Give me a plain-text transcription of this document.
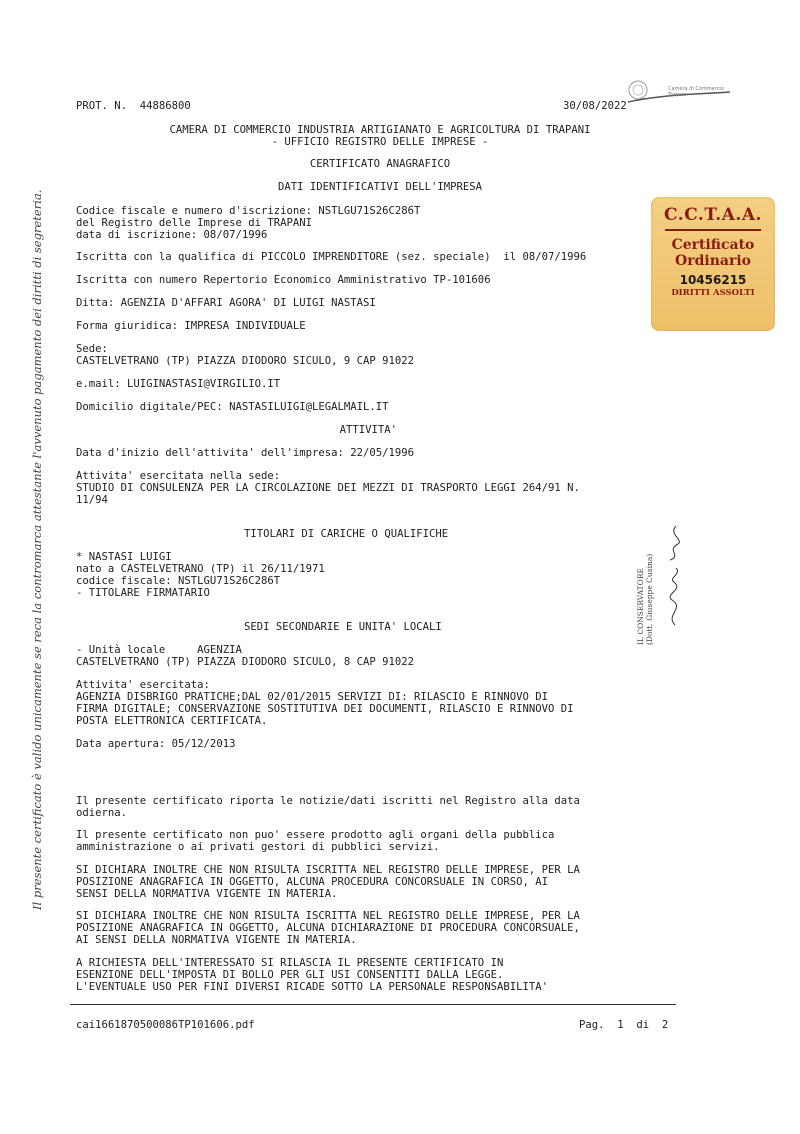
PROT. N.  44886800	30/08/2022
Camera di Commercio
Trapani
CAMERA DI COMMERCIO INDUSTRIA ARTIGIANATO E AGRICOLTURA DI TRAPANI
- UFFICIO REGISTRO DELLE IMPRESE -
CERTIFICATO ANAGRAFICO
DATI IDENTIFICATIVI DELL'IMPRESA
Codice fiscale e numero d'iscrizione: NSTLGU71S26C286T
del Registro delle Imprese di TRAPANI
data di iscrizione: 08/07/1996
Iscritta con la qualifica di PICCOLO IMPRENDITORE (sez. speciale)  il 08/07/1996
Iscritta con numero Repertorio Economico Amministrativo TP-101606
Ditta: AGENZIA D'AFFARI AGORA' DI LUIGI NASTASI
Forma giuridica: IMPRESA INDIVIDUALE
Sede:
CASTELVETRANO (TP) PIAZZA DIODORO SICULO, 9 CAP 91022
e.mail: LUIGINASTASI@VIRGILIO.IT
Domicilio digitale/PEC: NASTASILUIGI@LEGALMAIL.IT
ATTIVITA'
Data d'inizio dell'attivita' dell'impresa: 22/05/1996
Attivita' esercitata nella sede:
STUDIO DI CONSULENZA PER LA CIRCOLAZIONE DEI MEZZI DI TRASPORTO LEGGI 264/91 N.
11/94
TITOLARI DI CARICHE O QUALIFICHE
* NASTASI LUIGI
nato a CASTELVETRANO (TP) il 26/11/1971
codice fiscale: NSTLGU71S26C286T
- TITOLARE FIRMATARIO
SEDI SECONDARIE E UNITA' LOCALI
- Unità locale     AGENZIA
CASTELVETRANO (TP) PIAZZA DIODORO SICULO, 8 CAP 91022
Attivita' esercitata:
AGENZIA DISBRIGO PRATICHE;DAL 02/01/2015 SERVIZI DI: RILASCIO E RINNOVO DI
FIRMA DIGITALE; CONSERVAZIONE SOSTITUTIVA DEI DOCUMENTI, RILASCIO E RINNOVO DI
POSTA ELETTRONICA CERTIFICATA.
Data apertura: 05/12/2013
Il presente certificato riporta le notizie/dati iscritti nel Registro alla data
odierna.
Il presente certificato non puo' essere prodotto agli organi della pubblica
amministrazione o ai privati gestori di pubblici servizi.
SI DICHIARA INOLTRE CHE NON RISULTA ISCRITTA NEL REGISTRO DELLE IMPRESE, PER LA
POSIZIONE ANAGRAFICA IN OGGETTO, ALCUNA PROCEDURA CONCORSUALE IN CORSO, AI
SENSI DELLA NORMATIVA VIGENTE IN MATERIA.
SI DICHIARA INOLTRE CHE NON RISULTA ISCRITTA NEL REGISTRO DELLE IMPRESE, PER LA
POSIZIONE ANAGRAFICA IN OGGETTO, ALCUNA DICHIARAZIONE DI PROCEDURA CONCORSUALE,
AI SENSI DELLA NORMATIVA VIGENTE IN MATERIA.
A RICHIESTA DELL'INTERESSATO SI RILASCIA IL PRESENTE CERTIFICATO IN
ESENZIONE DELL'IMPOSTA DI BOLLO PER GLI USI CONSENTITI DALLA LEGGE.
L'EVENTUALE USO PER FINI DIVERSI RICADE SOTTO LA PERSONALE RESPONSABILITA'
cai1661870500086TP101606.pdf	Pag.  1  di  2
C.C.T.A.A.
Certificato
Ordinario
10456215
DIRITTI ASSOLTI
Il presente certificato è valido unicamente se reca la contromarca attestante l'avvenuto pagamento dei diritti di segreteria.	IL CONSERVATORE (Dott. Giuseppe Cusina)
